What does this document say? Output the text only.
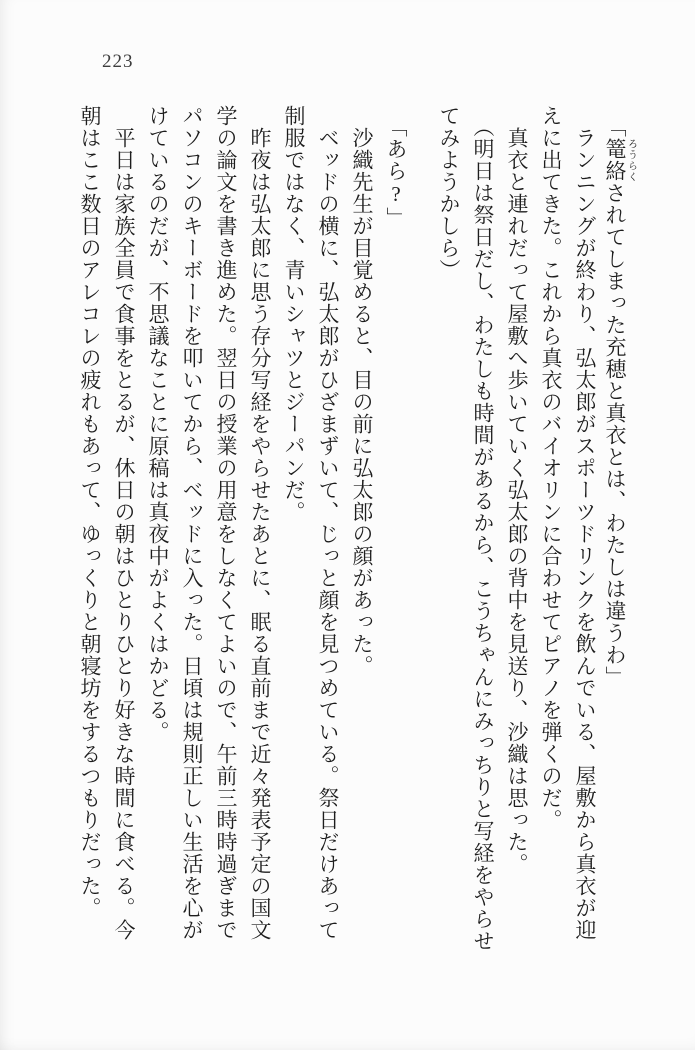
223

「篭絡ろうらくされてしまった充穂と真衣とは、わたしは違うわ」

ランニングが終わり、弘太郎がスポーツドリンクを飲んでいる、屋敷から真衣が迎

えに出てきた。これから真衣のバイオリンに合わせてピアノを弾くのだ。

真衣と連れだって屋敷へ歩いていく弘太郎の背中を見送り、沙織は思った。

（明日は祭日だし、わたしも時間があるから、こうちゃんにみっちりと写経をやらせ

てみようかしら）

「あら?」

沙織先生が目覚めると、目の前に弘太郎の顔があった。

ベッドの横に、弘太郎がひざまずいて、じっと顔を見つめている。祭日だけあって

制服ではなく、青いシャツとジーパンだ。

昨夜は弘太郎に思う存分写経をやらせたあとに、眠る直前まで近々発表予定の国文

学の論文を書き進めた。翌日の授業の用意をしなくてよいので、午前三時時過ぎまで

パソコンのキーボードを叩いてから、ベッドに入った。日頃は規則正しい生活を心が

けているのだが、不思議なことに原稿は真夜中がよくはかどる。

平日は家族全員で食事をとるが、休日の朝はひとりひとり好きな時間に食べる。今

朝はここ数日のアレコレの疲れもあって、ゆっくりと朝寝坊をするつもりだった。
